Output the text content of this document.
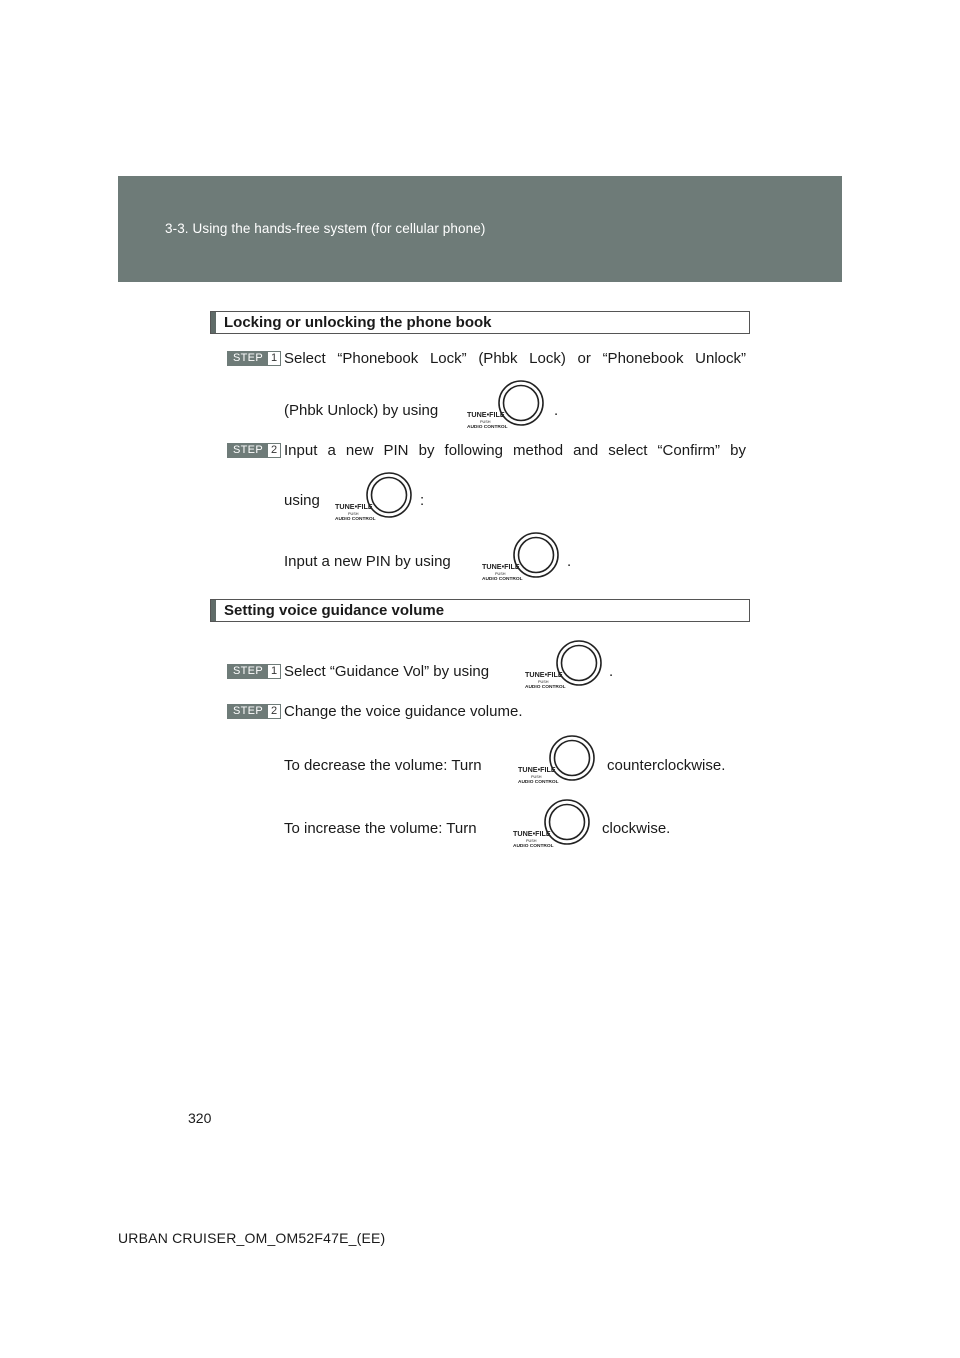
3-3. Using the hands-free system (for cellular phone)
Locking or unlocking the phone book
STEP 1 Select “Phonebook Lock” (Phbk Lock) or “Phonebook Unlock”
(Phbk Unlock) by using	TUNE•FILE
PUSH
AUDIO CONTROL
.
STEP 2 Input a new PIN by following method and select “Confirm” by
using TUNE•FILE
PUSH
AUDIO CONTROL
:
Input a new PIN by using	TUNE•FILE
PUSH
AUDIO CONTROL
.
Setting voice guidance volume
STEP 1 Select “Guidance Vol” by using	TUNE•FILE
PUSH
AUDIO CONTROL
.
STEP 2 Change the voice guidance volume.
To decrease the volume: Turn	TUNE•FILE
PUSH
AUDIO CONTROL
counterclockwise.
To increase the volume: Turn	TUNE•FILE
PUSH
AUDIO CONTROL
clockwise.
320
URBAN CRUISER_OM_OM52F47E_(EE)
